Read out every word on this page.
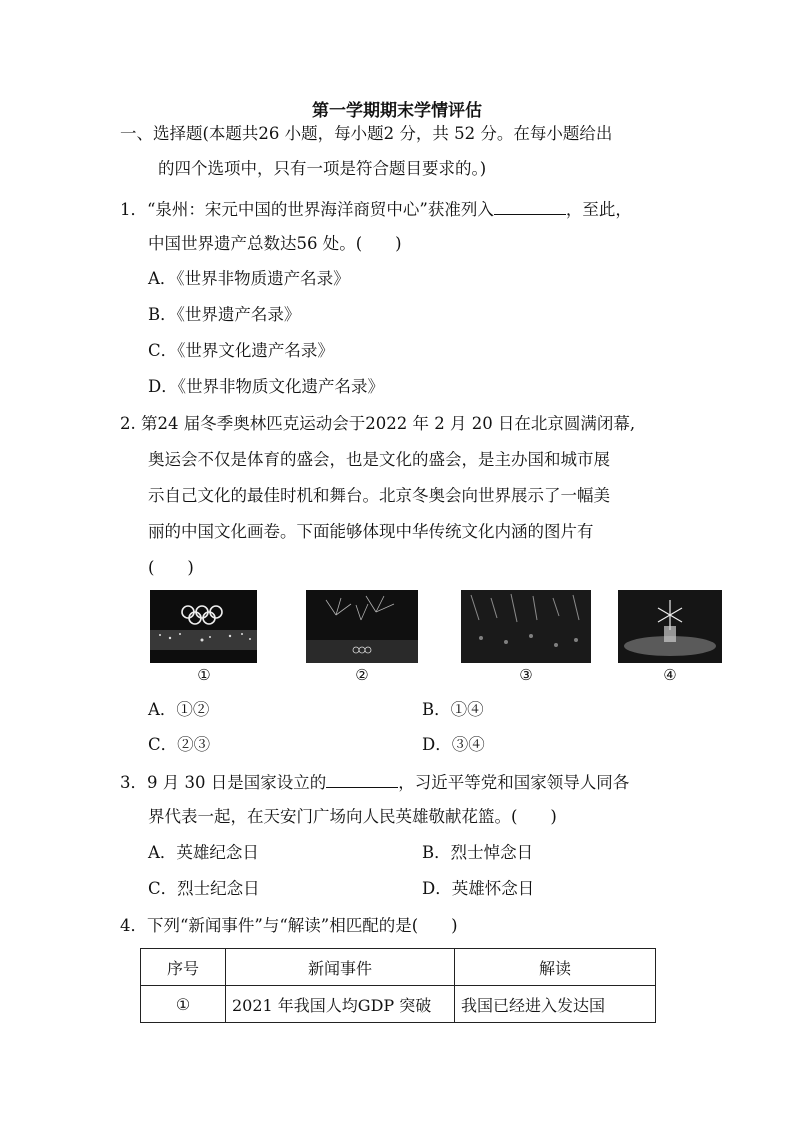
第一学期期末学情评估
一、选择题(本题共26 小题，每小题2 分，共 52 分。在每小题给出
的四个选项中，只有一项是符合题目要求的。)
1．“泉州：宋元中国的世界海洋商贸中心”获准列入	，至此，
中国世界遗产总数达56 处。(　　)
A．《世界非物质遗产名录》
B．《世界遗产名录》
C．《世界文化遗产名录》
D．《世界非物质文化遗产名录》
2. 第24 届冬季奥林匹克运动会于2022 年 2 月 20 日在北京圆满闭幕,
奥运会不仅是体育的盛会，也是文化的盛会，是主办国和城市展
示自己文化的最佳时机和舞台。北京冬奥会向世界展示了一幅美
丽的中国文化画卷。下面能够体现中华传统文化内涵的图片有
(　　)
①	②	③	④
A．①②	B．①④
C．②③	D．③④
3．9 月 30 日是国家设立的	，习近平等党和国家领导人同各
界代表一起，在天安门广场向人民英雄敬献花篮。(　　)
A．英雄纪念日	B．烈士悼念日
C．烈士纪念日	D．英雄怀念日
4．下列“新闻事件”与“解读”相匹配的是(　　)
序号	新闻事件	解读
①	2021 年我国人均GDP 突破	我国已经进入发达国
